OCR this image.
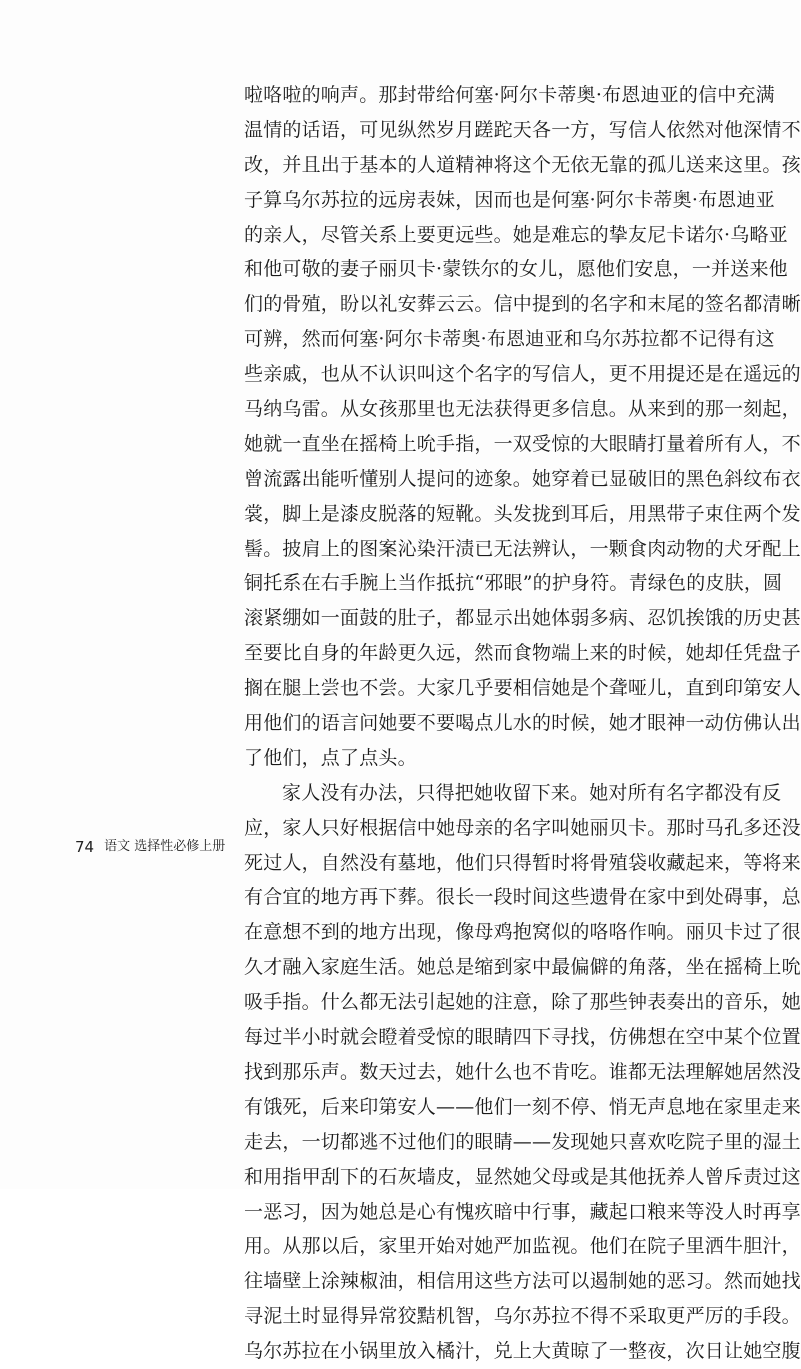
啦咯啦的响声。那封带给何塞·阿尔卡蒂奥·布恩迪亚的信中充满
温情的话语，可见纵然岁月蹉跎天各一方，写信人依然对他深情不
改，并且出于基本的人道精神将这个无依无靠的孤儿送来这里。孩
子算乌尔苏拉的远房表妹，因而也是何塞·阿尔卡蒂奥·布恩迪亚
的亲人，尽管关系上要更远些。她是难忘的挚友尼卡诺尔·乌略亚
和他可敬的妻子丽贝卡·蒙铁尔的女儿，愿他们安息，一并送来他
们的骨殖，盼以礼安葬云云。信中提到的名字和末尾的签名都清晰
可辨，然而何塞·阿尔卡蒂奥·布恩迪亚和乌尔苏拉都不记得有这
些亲戚，也从不认识叫这个名字的写信人，更不用提还是在遥远的
马纳乌雷。从女孩那里也无法获得更多信息。从来到的那一刻起，
她就一直坐在摇椅上吮手指，一双受惊的大眼睛打量着所有人，不
曾流露出能听懂别人提问的迹象。她穿着已显破旧的黑色斜纹布衣
裳，脚上是漆皮脱落的短靴。头发拢到耳后，用黑带子束住两个发
髻。披肩上的图案沁染汗渍已无法辨认，一颗食肉动物的犬牙配上
铜托系在右手腕上当作抵抗“邪眼”的护身符。青绿色的皮肤，圆
滚紧绷如一面鼓的肚子，都显示出她体弱多病、忍饥挨饿的历史甚
至要比自身的年龄更久远，然而食物端上来的时候，她却任凭盘子
搁在腿上尝也不尝。大家几乎要相信她是个聋哑儿，直到印第安人
用他们的语言问她要不要喝点儿水的时候，她才眼神一动仿佛认出
了他们，点了点头。
家人没有办法，只得把她收留下来。她对所有名字都没有反
应，家人只好根据信中她母亲的名字叫她丽贝卡。那时马孔多还没
死过人，自然没有墓地，他们只得暂时将骨殖袋收藏起来，等将来
有合宜的地方再下葬。很长一段时间这些遗骨在家中到处碍事，总
在意想不到的地方出现，像母鸡抱窝似的咯咯作响。丽贝卡过了很
久才融入家庭生活。她总是缩到家中最偏僻的角落，坐在摇椅上吮
吸手指。什么都无法引起她的注意，除了那些钟表奏出的音乐，她
每过半小时就会瞪着受惊的眼睛四下寻找，仿佛想在空中某个位置
找到那乐声。数天过去，她什么也不肯吃。谁都无法理解她居然没
有饿死，后来印第安人——他们一刻不停、悄无声息地在家里走来
走去，一切都逃不过他们的眼睛——发现她只喜欢吃院子里的湿土
和用指甲刮下的石灰墙皮，显然她父母或是其他抚养人曾斥责过这
一恶习，因为她总是心有愧疚暗中行事，藏起口粮来等没人时再享
用。从那以后，家里开始对她严加监视。他们在院子里洒牛胆汁，
往墙壁上涂辣椒油，相信用这些方法可以遏制她的恶习。然而她找
寻泥土时显得异常狡黠机智，乌尔苏拉不得不采取更严厉的手段。
乌尔苏拉在小锅里放入橘汁，兑上大黄晾了一整夜，次日让她空腹
74 语文 选择性必修上册
